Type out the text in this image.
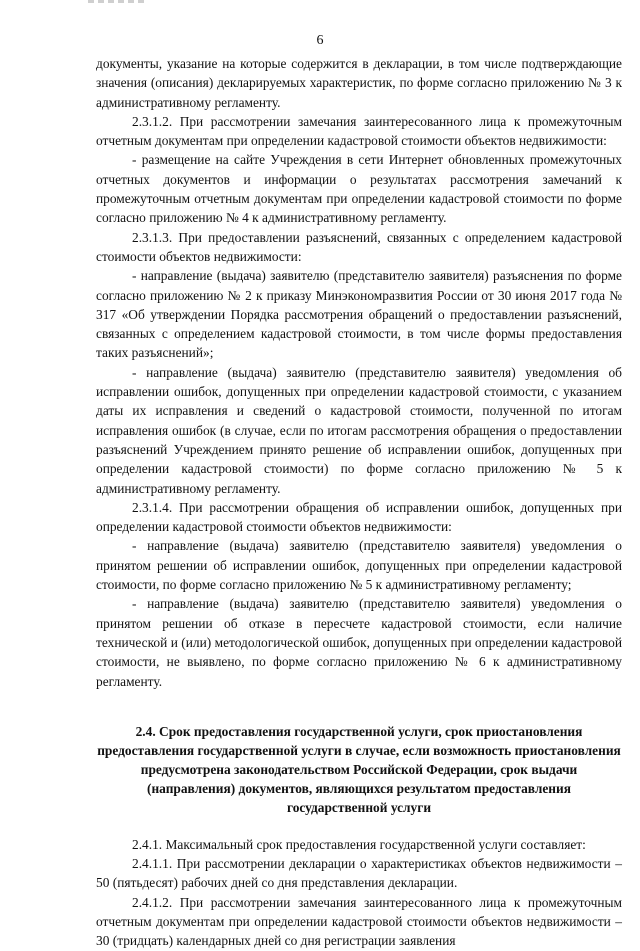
6

документы, указание на которые содержится в декларации, в том числе подтверждающие значения (описания) декларируемых характеристик, по форме согласно приложению № 3 к административному регламенту.

2.3.1.2. При рассмотрении замечания заинтересованного лица к промежуточным отчетным документам при определении кадастровой стоимости объектов недвижимости:

- размещение на сайте Учреждения в сети Интернет обновленных промежуточных отчетных документов и информации о результатах рассмотрения замечаний к промежуточным отчетным документам при определении кадастровой стоимости по форме согласно приложению № 4 к административному регламенту.

2.3.1.3. При предоставлении разъяснений, связанных с определением кадастровой стоимости объектов недвижимости:

- направление (выдача) заявителю (представителю заявителя) разъяснения по форме согласно приложению № 2 к приказу Минэкономразвития России от 30 июня 2017 года № 317 «Об утверждении Порядка рассмотрения обращений о предоставлении разъяснений, связанных с определением кадастровой стоимости, в том числе формы предоставления таких разъяснений»;

- направление (выдача) заявителю (представителю заявителя) уведомления об исправлении ошибок, допущенных при определении кадастровой стоимости, с указанием даты их исправления и сведений о кадастровой стоимости, полученной по итогам исправления ошибок (в случае, если по итогам рассмотрения обращения о предоставлении разъяснений Учреждением принято решение об исправлении ошибок, допущенных при определении кадастровой стоимости) по форме согласно приложению № 5 к административному регламенту.

2.3.1.4. При рассмотрении обращения об исправлении ошибок, допущенных при определении кадастровой стоимости объектов недвижимости:

- направление (выдача) заявителю (представителю заявителя) уведомления о принятом решении об исправлении ошибок, допущенных при определении кадастровой стоимости, по форме согласно приложению № 5 к административному регламенту;

- направление (выдача) заявителю (представителю заявителя) уведомления о принятом решении об отказе в пересчете кадастровой стоимости, если наличие технической и (или) методологической ошибок, допущенных при определении кадастровой стоимости, не выявлено, по форме согласно приложению № 6 к административному регламенту.

2.4. Срок предоставления государственной услуги, срок приостановления предоставления государственной услуги в случае, если возможность приостановления предусмотрена законодательством Российской Федерации, срок выдачи (направления) документов, являющихся результатом предоставления государственной услуги

2.4.1. Максимальный срок предоставления государственной услуги составляет:

2.4.1.1. При рассмотрении декларации о характеристиках объектов недвижимости – 50 (пятьдесят) рабочих дней со дня представления декларации.

2.4.1.2. При рассмотрении замечания заинтересованного лица к промежуточным отчетным документам при определении кадастровой стоимости объектов недвижимости – 30 (тридцать) календарных дней со дня регистрации заявления
